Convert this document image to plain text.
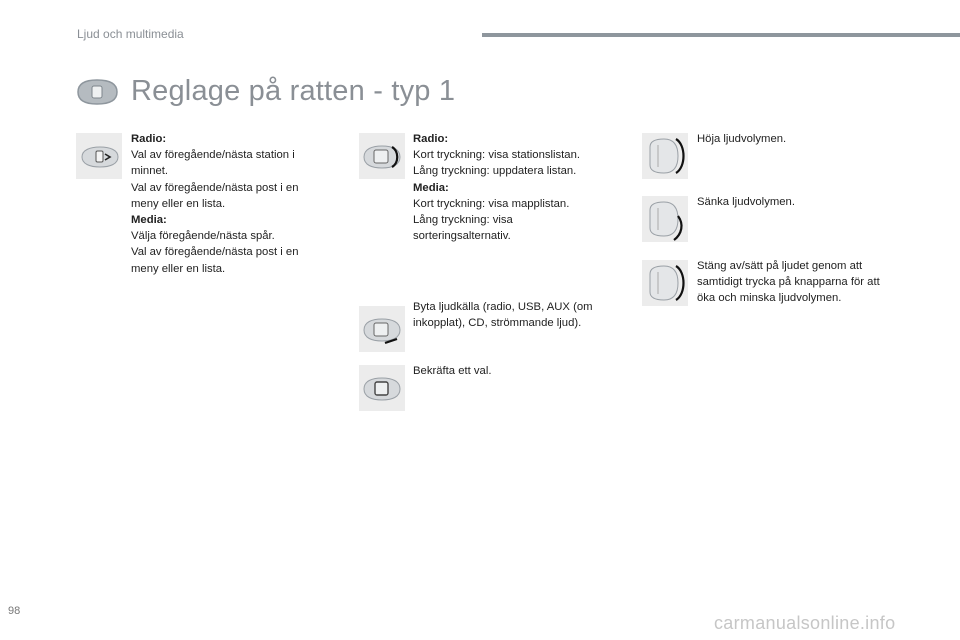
Ljud och multimedia
Reglage på ratten - typ 1
Radio:
Val av föregående/nästa station i
minnet.
Val av föregående/nästa post i en
meny eller en lista.
Media:
Välja föregående/nästa spår.
Val av föregående/nästa post i en
meny eller en lista.
Radio:
Kort tryckning: visa stationslistan.
Lång tryckning: uppdatera listan.
Media:
Kort tryckning: visa mapplistan.
Lång tryckning: visa
sorteringsalternativ.
Byta ljudkälla (radio, USB, AUX (om
inkopplat), CD, strömmande ljud).
Bekräfta ett val.
Höja ljudvolymen.
Sänka ljudvolymen.
Stäng av/sätt på ljudet genom att
samtidigt trycka på knapparna för att
öka och minska ljudvolymen.
98
carmanualsonline.info
